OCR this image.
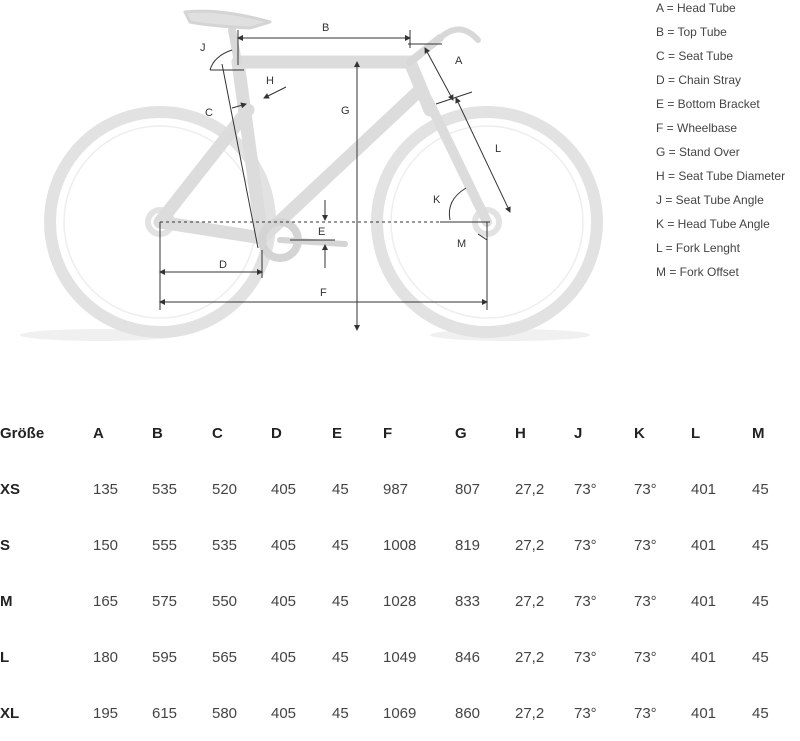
B
A
J
H
C	G
L
K
E
M
D
F
A = Head Tube
B = Top Tube
C = Seat Tube
D = Chain Stray
E = Bottom Bracket
F = Wheelbase
G = Stand Over
H = Seat Tube Diameter
J = Seat Tube Angle
K = Head Tube Angle
L = Fork Lenght
M = Fork Offset
Größe	A	B	C	D	E	F	G	H	J	K	L	M
XS	135	535	520	405	45	987	807	27,2	73°	73°	401	45
S	150	555	535	405	45	1008	819	27,2	73°	73°	401	45
M	165	575	550	405	45	1028	833	27,2	73°	73°	401	45
L	180	595	565	405	45	1049	846	27,2	73°	73°	401	45
XL	195	615	580	405	45	1069	860	27,2	73°	73°	401	45
